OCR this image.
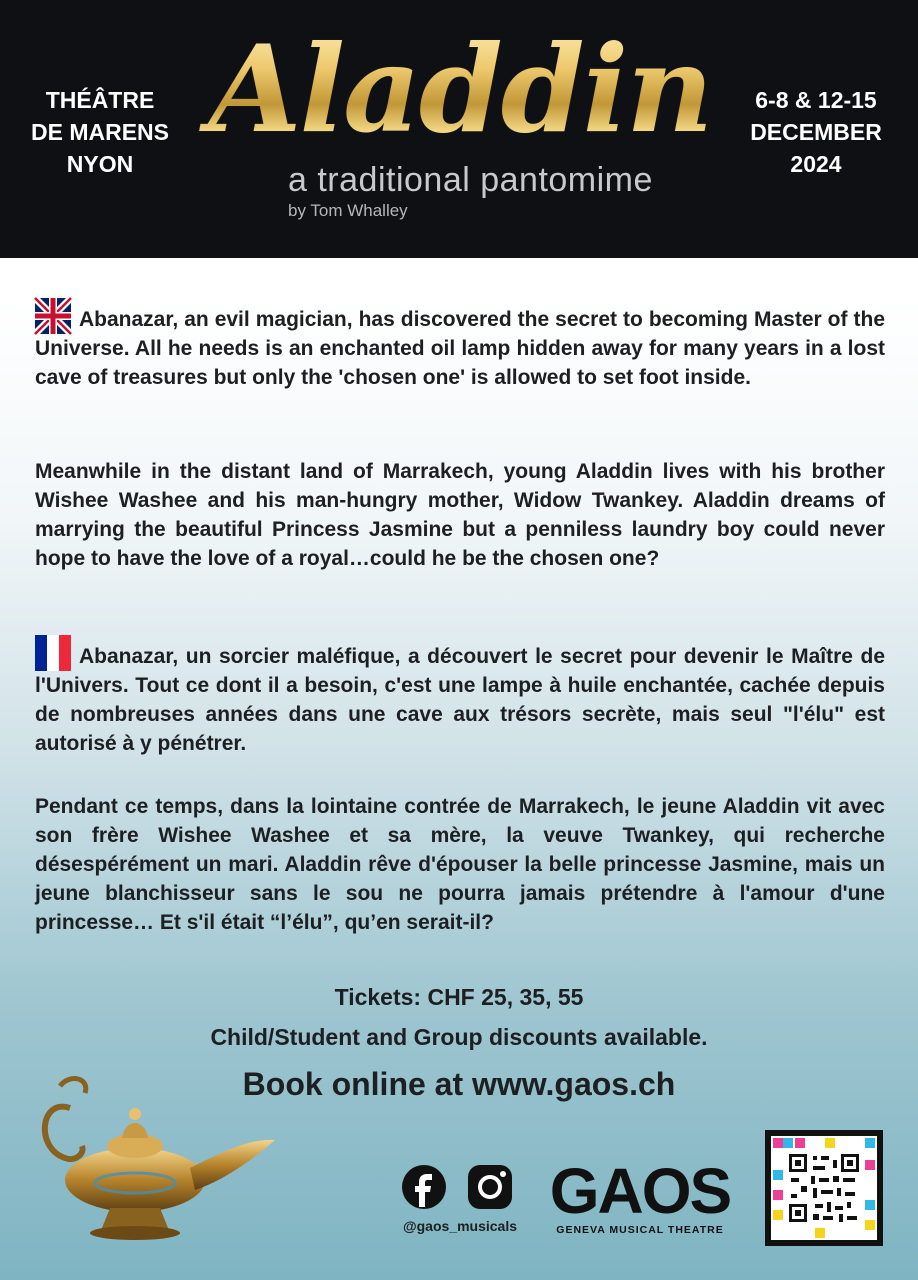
THÉÂTRE
DE MARENS
NYON
Aladdin
a traditional pantomime
by Tom Whalley
6-8 & 12-15
DECEMBER
2024
Abanazar, an evil magician, has discovered the secret to becoming Master of the Universe. All he needs is an enchanted oil lamp hidden away for many years in a lost cave of treasures but only the 'chosen one' is allowed to set foot inside.
Meanwhile in the distant land of Marrakech, young Aladdin lives with his brother Wishee Washee and his man-hungry mother, Widow Twankey. Aladdin dreams of marrying the beautiful Princess Jasmine but a penniless laundry boy could never hope to have the love of a royal…could he be the chosen one?
Abanazar, un sorcier maléfique, a découvert le secret pour devenir le Maître de l'Univers. Tout ce dont il a besoin, c'est une lampe à huile enchantée, cachée depuis de nombreuses années dans une cave aux trésors secrète, mais seul "l'élu" est autorisé à y pénétrer.
Pendant ce temps, dans la lointaine contrée de Marrakech, le jeune Aladdin vit avec son frère Wishee Washee et sa mère, la veuve Twankey, qui recherche désespérément un mari. Aladdin rêve d'épouser la belle princesse Jasmine, mais un jeune blanchisseur sans le sou ne pourra jamais prétendre à l'amour d'une princesse… Et s'il était “l’élu”, qu’en serait-il?
Tickets: CHF 25, 35, 55
Child/Student and Group discounts available.
Book online at www.gaos.ch
@gaos_musicals GAOS
GENEVA MUSICAL THEATRE
